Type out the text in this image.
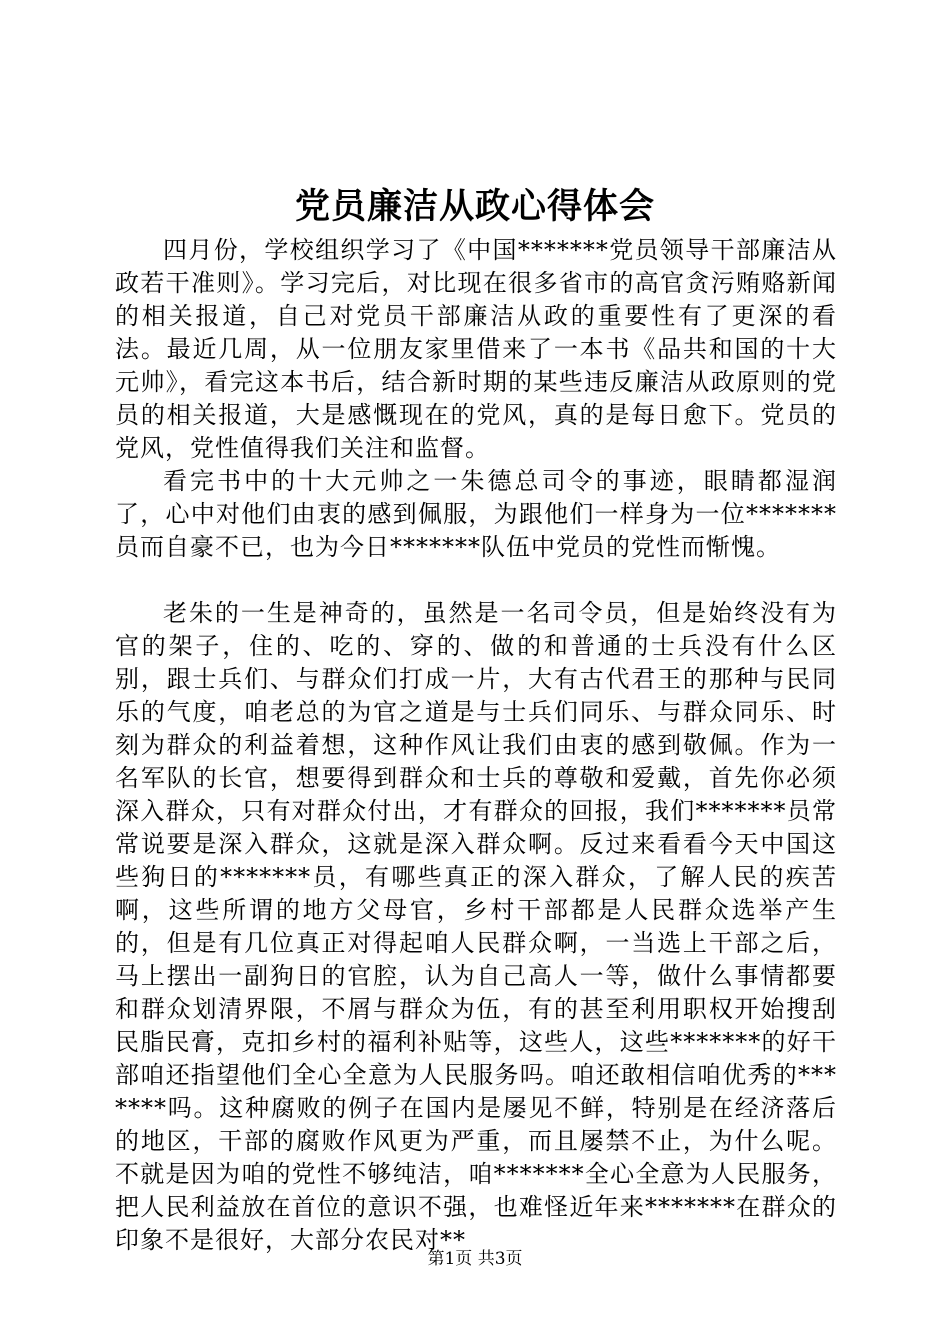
党员廉洁从政心得体会

四月份，学校组织学习了《中国*******党员领导干部廉洁从政若干准则》。学习完后，对比现在很多省市的高官贪污贿赂新闻的相关报道，自己对党员干部廉洁从政的重要性有了更深的看法。最近几周，从一位朋友家里借来了一本书《品共和国的十大元帅》，看完这本书后，结合新时期的某些违反廉洁从政原则的党员的相关报道，大是感慨现在的党风，真的是每日愈下。党员的党风，党性值得我们关注和监督。

看完书中的十大元帅之一朱德总司令的事迹，眼睛都湿润了，心中对他们由衷的感到佩服，为跟他们一样身为一位*******员而自豪不已，也为今日*******队伍中党员的党性而惭愧。

老朱的一生是神奇的，虽然是一名司令员，但是始终没有为官的架子，住的、吃的、穿的、做的和普通的士兵没有什么区别，跟士兵们、与群众们打成一片，大有古代君王的那种与民同乐的气度，咱老总的为官之道是与士兵们同乐、与群众同乐、时刻为群众的利益着想，这种作风让我们由衷的感到敬佩。作为一名军队的长官，想要得到群众和士兵的尊敬和爱戴，首先你必须深入群众，只有对群众付出，才有群众的回报，我们*******员常常说要是深入群众，这就是深入群众啊。反过来看看今天中国这些狗日的*******员，有哪些真正的深入群众，了解人民的疾苦啊，这些所谓的地方父母官，乡村干部都是人民群众选举产生的，但是有几位真正对得起咱人民群众啊，一当选上干部之后，马上摆出一副狗日的官腔，认为自己高人一等，做什么事情都要和群众划清界限，不屑与群众为伍，有的甚至利用职权开始搜刮民脂民膏，克扣乡村的福利补贴等，这些人，这些*******的好干部咱还指望他们全心全意为人民服务吗。咱还敢相信咱优秀的*******吗。这种腐败的例子在国内是屡见不鲜，特别是在经济落后的地区，干部的腐败作风更为严重，而且屡禁不止，为什么呢。不就是因为咱的党性不够纯洁，咱*******全心全意为人民服务，把人民利益放在首位的意识不强，也难怪近年来*******在群众的印象不是很好，大部分农民对**

第1页 共3页
